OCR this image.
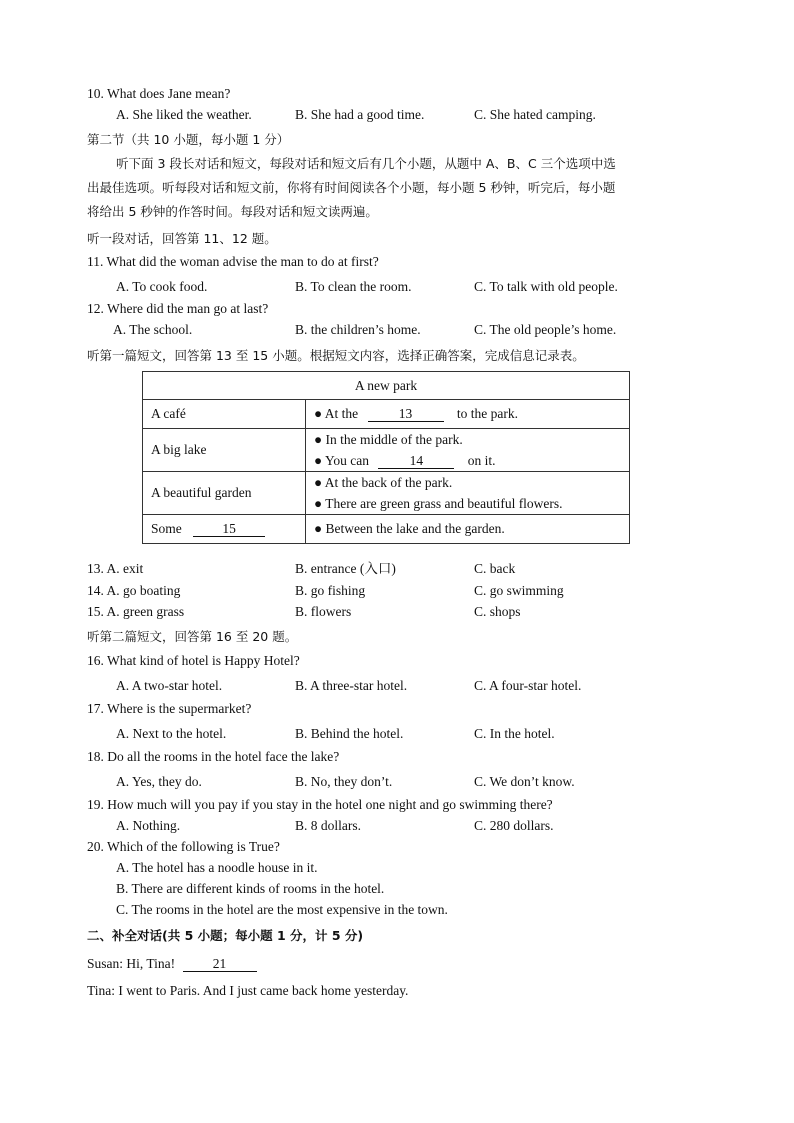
10. What does Jane mean?
A. She liked the weather.	B. She had a good time.	C. She hated camping.
第二节（共 10 小题，每小题 1 分）
听下面 3 段长对话和短文，每段对话和短文后有几个小题，从题中 A、B、C 三个选项中选
出最佳选项。听每段对话和短文前，你将有时间阅读各个小题，每小题 5 秒钟，听完后，每小题
将给出 5 秒钟的作答时间。每段对话和短文读两遍。
听一段对话，回答第 11、12 题。
11. What did the woman advise the man to do at first?
A. To cook food.	B. To clean the room.	C. To talk with old people.
12. Where did the man go at last?
A. The school.	B. the children’s home.	C. The old people’s home.
听第一篇短文，回答第 13 至 15 小题。根据短文内容，选择正确答案，完成信息记录表。
A new park	
A café	● At the 13 to the park.
A big lake	● In the middle of the park.
● You can 14 on it.

A beautiful garden	● At the back of the park.
● There are green grass and beautiful flowers.

Some 15	● Between the lake and the garden.
13. A. exit	B. entrance (入口)	C. back
14. A. go boating	B. go fishing	C. go swimming
15. A. green grass	B. flowers	C. shops
听第二篇短文，回答第 16 至 20 题。
16. What kind of hotel is Happy Hotel?
A. A two-star hotel.	B. A three-star hotel.	C. A four-star hotel.
17. Where is the supermarket?
A. Next to the hotel.	B. Behind the hotel.	C. In the hotel.
18. Do all the rooms in the hotel face the lake?
A. Yes, they do.	B. No, they don’t.	C. We don’t know.
19. How much will you pay if you stay in the hotel one night and go swimming there?
A. Nothing.	B. 8 dollars.	C. 280 dollars.
20. Which of the following is True?
A. The hotel has a noodle house in it.
B. There are different kinds of rooms in the hotel.
C. The rooms in the hotel are the most expensive in the town.
二、补全对话(共 5 小题；每小题 1 分，计 5 分)
Susan: Hi, Tina!	21
Tina: I went to Paris. And I just came back home yesterday.
